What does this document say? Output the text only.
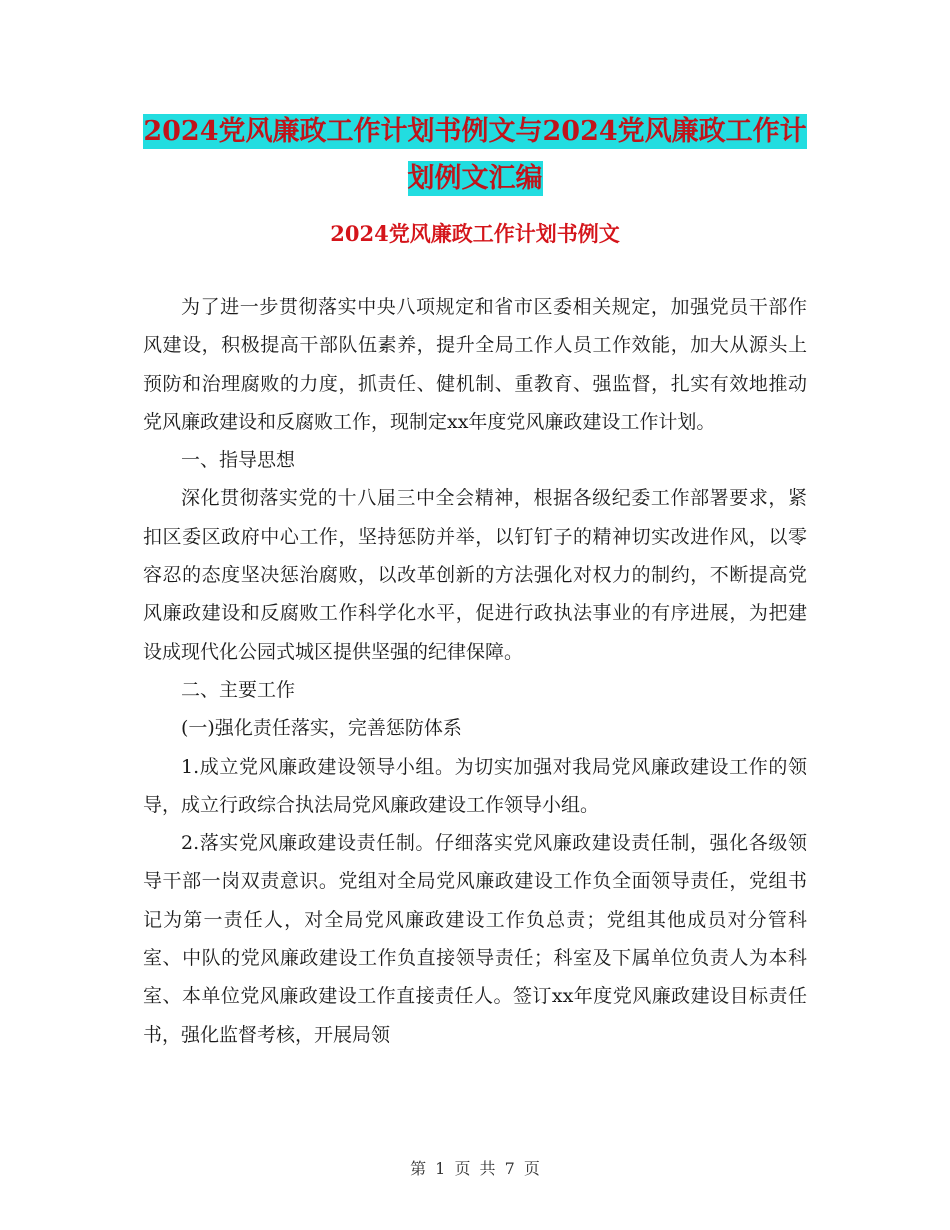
2024党风廉政工作计划书例文与2024党风廉政工作计
划例文汇编
2024党风廉政工作计划书例文

为了进一步贯彻落实中央八项规定和省市区委相关规定，加强党员干部作风建设，积极提高干部队伍素养，提升全局工作人员工作效能，加大从源头上预防和治理腐败的力度，抓责任、健机制、重教育、强监督，扎实有效地推动党风廉政建设和反腐败工作，现制定xx年度党风廉政建设工作计划。

一、指导思想

深化贯彻落实党的十八届三中全会精神，根据各级纪委工作部署要求，紧扣区委区政府中心工作，坚持惩防并举，以钉钉子的精神切实改进作风，以零容忍的态度坚决惩治腐败，以改革创新的方法强化对权力的制约，不断提高党风廉政建设和反腐败工作科学化水平，促进行政执法事业的有序进展，为把建设成现代化公园式城区提供坚强的纪律保障。

二、主要工作

(一)强化责任落实，完善惩防体系

1.成立党风廉政建设领导小组。为切实加强对我局党风廉政建设工作的领导，成立行政综合执法局党风廉政建设工作领导小组。

2.落实党风廉政建设责任制。仔细落实党风廉政建设责任制，强化各级领导干部一岗双责意识。党组对全局党风廉政建设工作负全面领导责任，党组书记为第一责任人，对全局党风廉政建设工作负总责；党组其他成员对分管科室、中队的党风廉政建设工作负直接领导责任；科室及下属单位负责人为本科室、本单位党风廉政建设工作直接责任人。签订xx年度党风廉政建设目标责任书，强化监督考核，开展局领

第 1 页 共 7 页
